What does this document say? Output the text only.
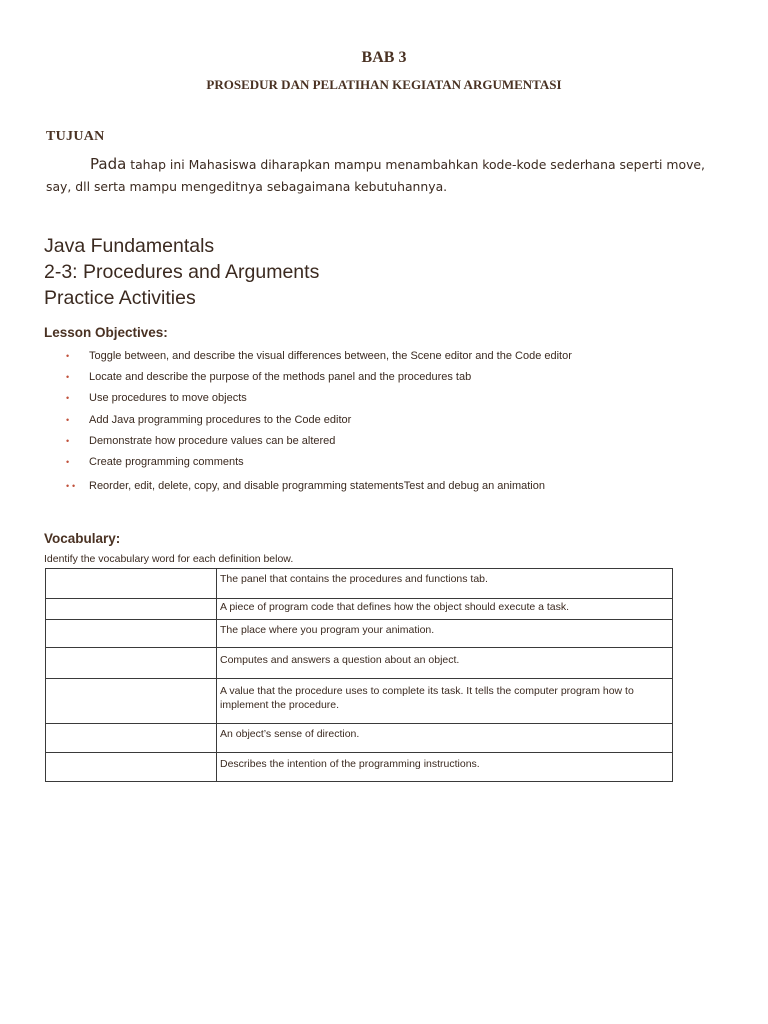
BAB 3
PROSEDUR DAN PELATIHAN KEGIATAN ARGUMENTASI
TUJUAN
Pada tahap ini Mahasiswa diharapkan mampu menambahkan kode-kode sederhana seperti move, say, dll serta mampu mengeditnya sebagaimana kebutuhannya.
Java Fundamentals
2-3: Procedures and Arguments
Practice Activities
Lesson Objectives:
• Toggle between, and describe the visual differences between, the Scene editor and the Code editor
• Locate and describe the purpose of the methods panel and the procedures tab
• Use procedures to move objects
• Add Java programming procedures to the Code editor
• Demonstrate how procedure values can be altered
• Create programming comments
• Reorder, edit, delete, copy, and disable programming statements
•	Test and debug an animation
Vocabulary:
Identify the vocabulary word for each definition below.
	The panel that contains the procedures and functions tab.
	A piece of program code that defines how the object should execute a task.
	The place where you program your animation.
	Computes and answers a question about an object.
	A value that the procedure uses to complete its task. It tells the computer program how to implement the procedure.
	An object’s sense of direction.
	Describes the intention of the programming instructions.
